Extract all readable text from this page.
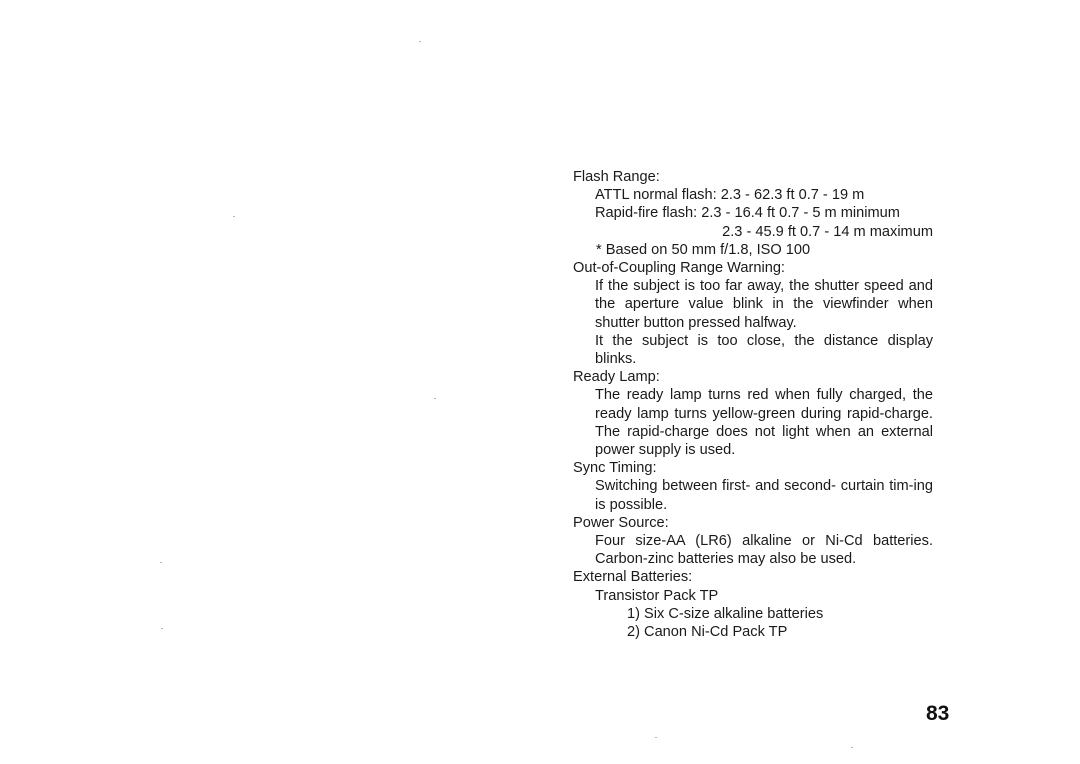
Flash Range:
ATTL normal flash: 2.3 - 62.3 ft 0.7 - 19 m
Rapid-fire flash: 2.3 - 16.4 ft 0.7 - 5 m minimum
2.3 - 45.9 ft 0.7 - 14 m maximum
* Based on 50 mm f/1.8, ISO 100
Out-of-Coupling Range Warning:
If the subject is too far away, the shutter speed and the aperture value blink in the viewfinder when shutter button pressed halfway.
It the subject is too close, the distance display blinks.
Ready Lamp:
The ready lamp turns red when fully charged, the ready lamp turns yellow-green during rapid-charge. The rapid-charge does not light when an external power supply is used.
Sync Timing:
Switching between first- and second- curtain tim-ing is possible.
Power Source:
Four size-AA (LR6) alkaline or Ni-Cd batteries. Carbon-zinc batteries may also be used.
External Batteries:
Transistor Pack TP
1) Six C-size alkaline batteries
2) Canon Ni-Cd Pack TP
83
